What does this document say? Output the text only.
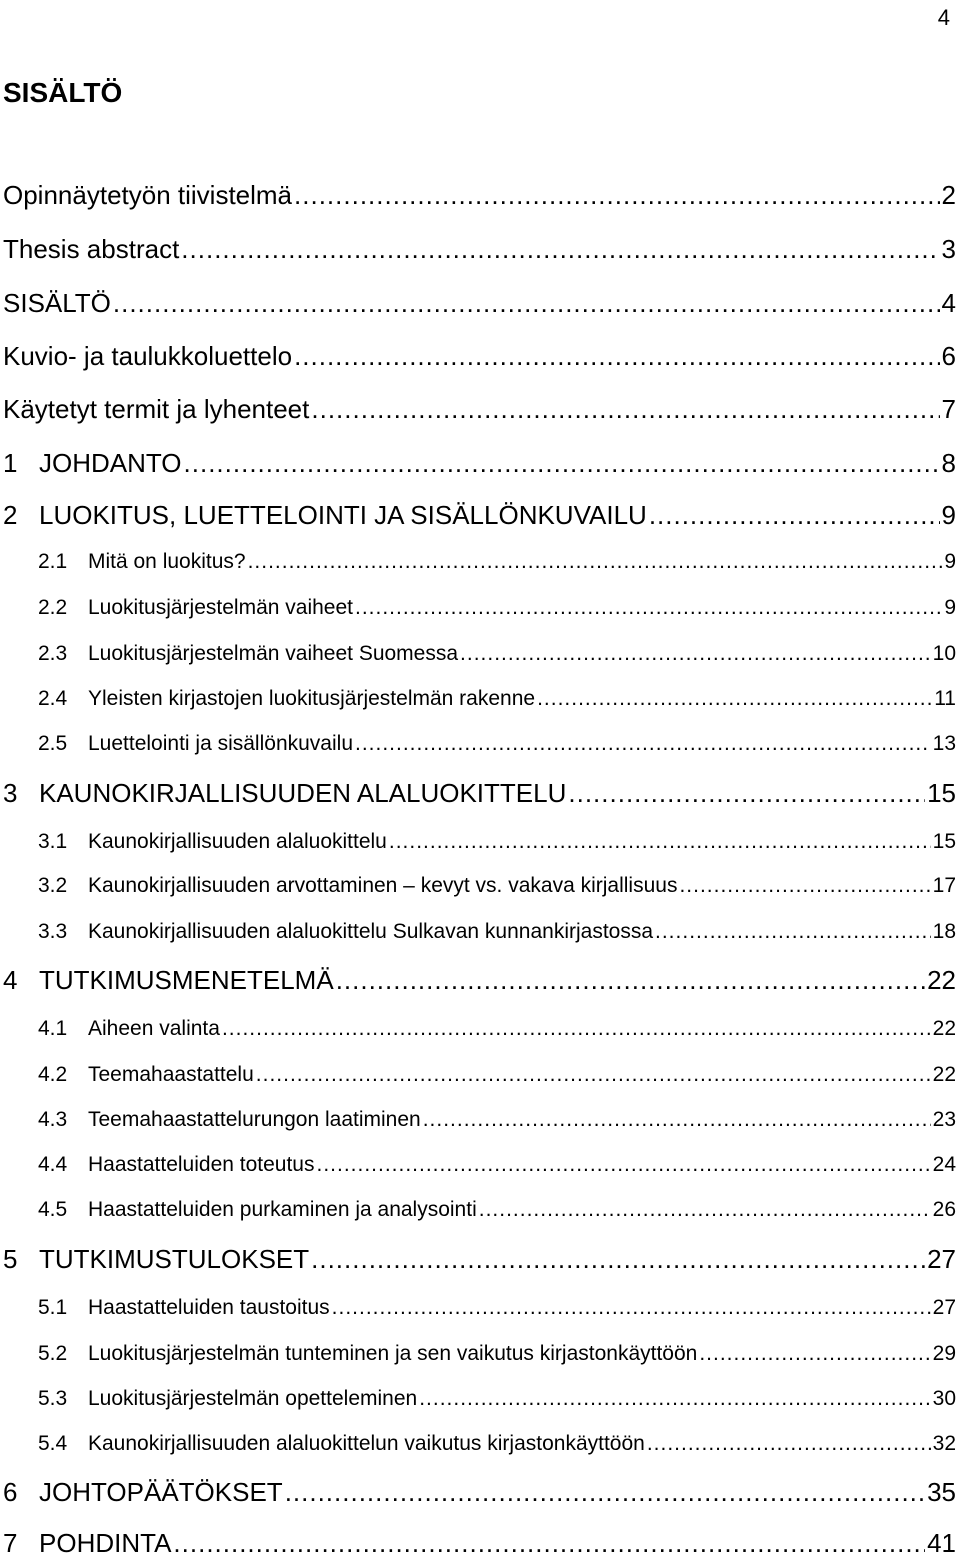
4
SISÄLTÖ
Opinnäytetyön tiivistelmä .....	2
Thesis abstract .....	3
SISÄLTÖ .....	4
Kuvio- ja taulukkoluettelo .....	6
Käytetyt termit ja lyhenteet .....	7
1 JOHDANTO .....	8
2 LUOKITUS, LUETTELOINTI JA SISÄLLÖNKUVAILU .....	9
2.1 Mitä on luokitus? .....	9
2.2 Luokitusjärjestelmän vaiheet .....	9
2.3 Luokitusjärjestelmän vaiheet Suomessa .....	10
2.4 Yleisten kirjastojen luokitusjärjestelmän rakenne .....	11
2.5 Luettelointi ja sisällönkuvailu .....	13
3 KAUNOKIRJALLISUUDEN ALALUOKITTELU .....	15
3.1 Kaunokirjallisuuden alaluokittelu .....	15
3.2 Kaunokirjallisuuden arvottaminen – kevyt vs. vakava kirjallisuus .....	17
3.3 Kaunokirjallisuuden alaluokittelu Sulkavan kunnankirjastossa .....	18
4 TUTKIMUSMENETELMÄ .....	22
4.1 Aiheen valinta .....	22
4.2 Teemahaastattelu .....	22
4.3 Teemahaastattelurungon laatiminen .....	23
4.4 Haastatteluiden toteutus .....	24
4.5 Haastatteluiden purkaminen ja analysointi .....	26
5 TUTKIMUSTULOKSET .....	27
5.1 Haastatteluiden taustoitus .....	27
5.2 Luokitusjärjestelmän tunteminen ja sen vaikutus kirjastonkäyttöön .....	29
5.3 Luokitusjärjestelmän opetteleminen .....	30
5.4 Kaunokirjallisuuden alaluokittelun vaikutus kirjastonkäyttöön .....	32
6 JOHTOPÄÄTÖKSET .....	35
7 POHDINTA .....	41
